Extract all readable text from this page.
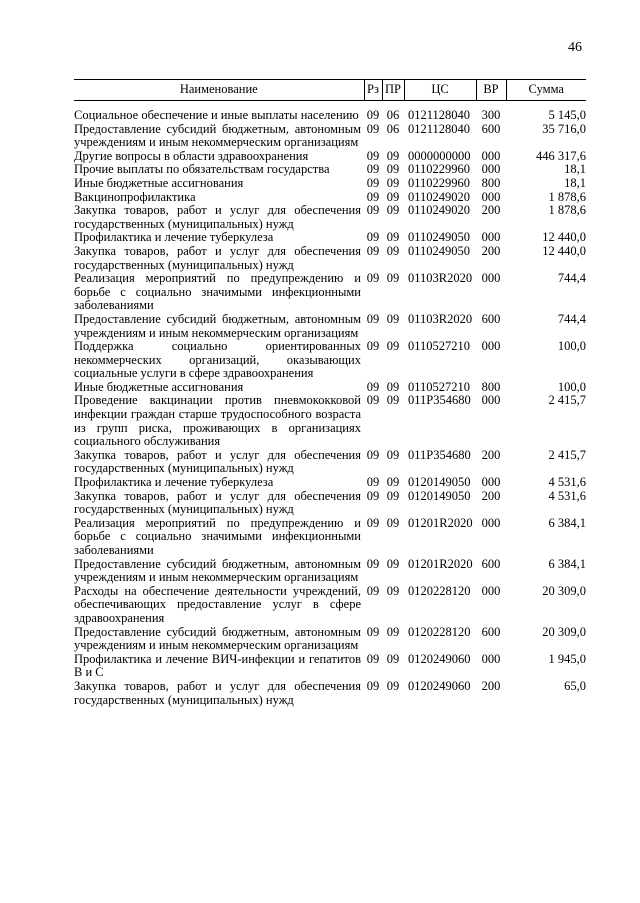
46
Наименование	Рз	ПР	ЦС	ВР	Сумма
Социальное обеспечение и иные выплаты населению	09	06	0121128040	300	5 145,0
Предоставление субсидий бюджетным, автономным учреждениям и иным некоммерческим организациям	09	06	0121128040	600	35 716,0
Другие вопросы в области здравоохранения	09	09	0000000000	000	446 317,6
Прочие выплаты по обязательствам государства	09	09	0110229960	000	18,1
Иные бюджетные ассигнования	09	09	0110229960	800	18,1
Вакцинопрофилактика	09	09	0110249020	000	1 878,6
Закупка товаров, работ и услуг для обеспечения государственных (муниципальных) нужд	09	09	0110249020	200	1 878,6
Профилактика и лечение туберкулеза	09	09	0110249050	000	12 440,0
Закупка товаров, работ и услуг для обеспечения государственных (муниципальных) нужд	09	09	0110249050	200	12 440,0
Реализация мероприятий по предупреждению и борьбе с социально значимыми инфекционными заболеваниями	09	09	01103R2020	000	744,4
Предоставление субсидий бюджетным, автономным учреждениям и иным некоммерческим организациям	09	09	01103R2020	600	744,4
Поддержка социально ориентированных некоммерческих организаций, оказывающих социальные услуги в сфере здравоохранения	09	09	0110527210	000	100,0
Иные бюджетные ассигнования	09	09	0110527210	800	100,0
Проведение вакцинации против пневмококковой инфекции граждан старше трудоспособного возраста из групп риска, проживающих в организациях социального обслуживания	09	09	011P354680	000	2 415,7
Закупка товаров, работ и услуг для обеспечения государственных (муниципальных) нужд	09	09	011P354680	200	2 415,7
Профилактика и лечение туберкулеза	09	09	0120149050	000	4 531,6
Закупка товаров, работ и услуг для обеспечения государственных (муниципальных) нужд	09	09	0120149050	200	4 531,6
Реализация мероприятий по предупреждению и борьбе с социально значимыми инфекционными заболеваниями	09	09	01201R2020	000	6 384,1
Предоставление субсидий бюджетным, автономным учреждениям и иным некоммерческим организациям	09	09	01201R2020	600	6 384,1
Расходы на обеспечение деятельности учреждений, обеспечивающих предоставление услуг в сфере здравоохранения	09	09	0120228120	000	20 309,0
Предоставление субсидий бюджетным, автономным учреждениям и иным некоммерческим организациям	09	09	0120228120	600	20 309,0
Профилактика и лечение ВИЧ-инфекции и гепатитов В и С	09	09	0120249060	000	1 945,0
Закупка товаров, работ и услуг для обеспечения государственных (муниципальных) нужд	09	09	0120249060	200	65,0
